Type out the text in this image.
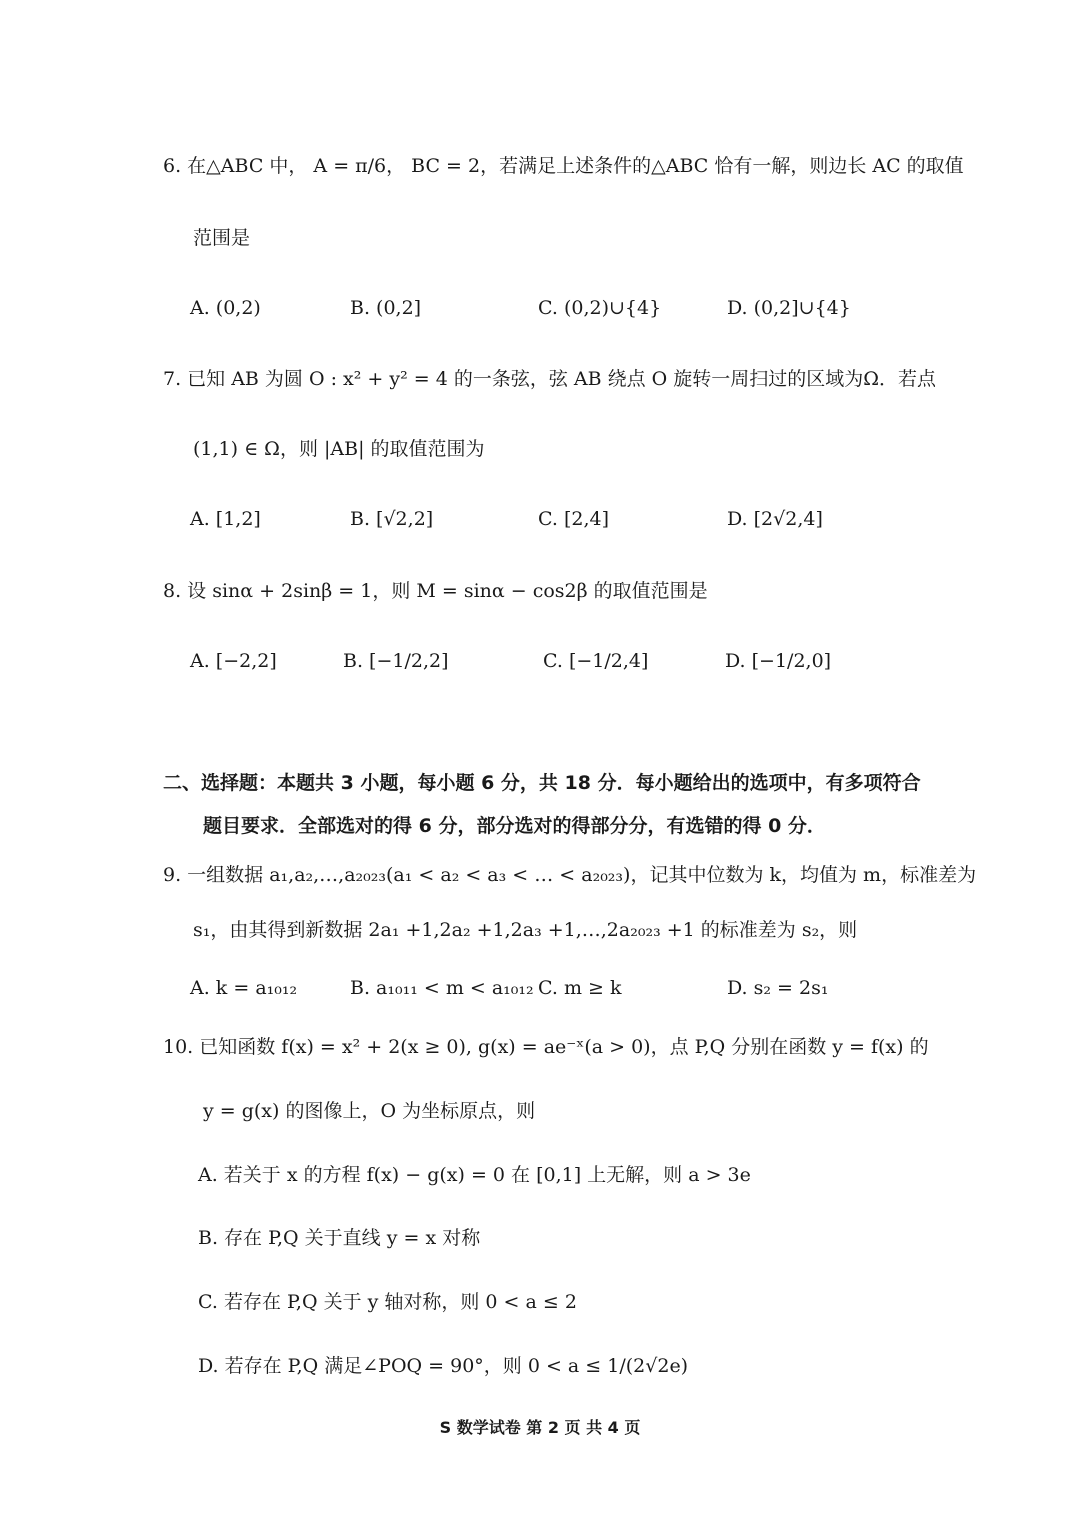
6. 在△ABC 中， A = π/6， BC = 2，若满足上述条件的△ABC 恰有一解，则边长 AC 的取值
范围是
A. (0,2)	B. (0,2]	C. (0,2)∪{4}	D. (0,2]∪{4}
7. 已知 AB 为圆 O : x² + y² = 4 的一条弦，弦 AB 绕点 O 旋转一周扫过的区域为Ω．若点
(1,1) ∈ Ω，则 |AB| 的取值范围为
A. [1,2]	B. [√2,2]	C. [2,4]	D. [2√2,4]
8. 设 sinα + 2sinβ = 1，则 M = sinα − cos2β 的取值范围是
A. [−2,2]	B. [−1/2,2]	C. [−1/2,4]	D. [−1/2,0]
二、选择题：本题共 3 小题，每小题 6 分，共 18 分．每小题给出的选项中，有多项符合
题目要求．全部选对的得 6 分，部分选对的得部分分，有选错的得 0 分．
9. 一组数据 a₁,a₂,…,a₂₀₂₃(a₁ < a₂ < a₃ < … < a₂₀₂₃)，记其中位数为 k，均值为 m，标准差为
s₁，由其得到新数据 2a₁ +1,2a₂ +1,2a₃ +1,…,2a₂₀₂₃ +1 的标准差为 s₂，则
A. k = a₁₀₁₂	B. a₁₀₁₁ < m < a₁₀₁₂ C. m ≥ k	D. s₂ = 2s₁
10. 已知函数 f(x) = x² + 2(x ≥ 0), g(x) = ae⁻ˣ(a > 0)，点 P,Q 分别在函数 y = f(x) 的
y = g(x) 的图像上，O 为坐标原点，则
A. 若关于 x 的方程 f(x) − g(x) = 0 在 [0,1] 上无解，则 a > 3e
B. 存在 P,Q 关于直线 y = x 对称
C. 若存在 P,Q 关于 y 轴对称，则 0 < a ≤ 2
D. 若存在 P,Q 满足∠POQ = 90°，则 0 < a ≤ 1/(2√2e)
S 数学试卷 第 2 页 共 4 页
